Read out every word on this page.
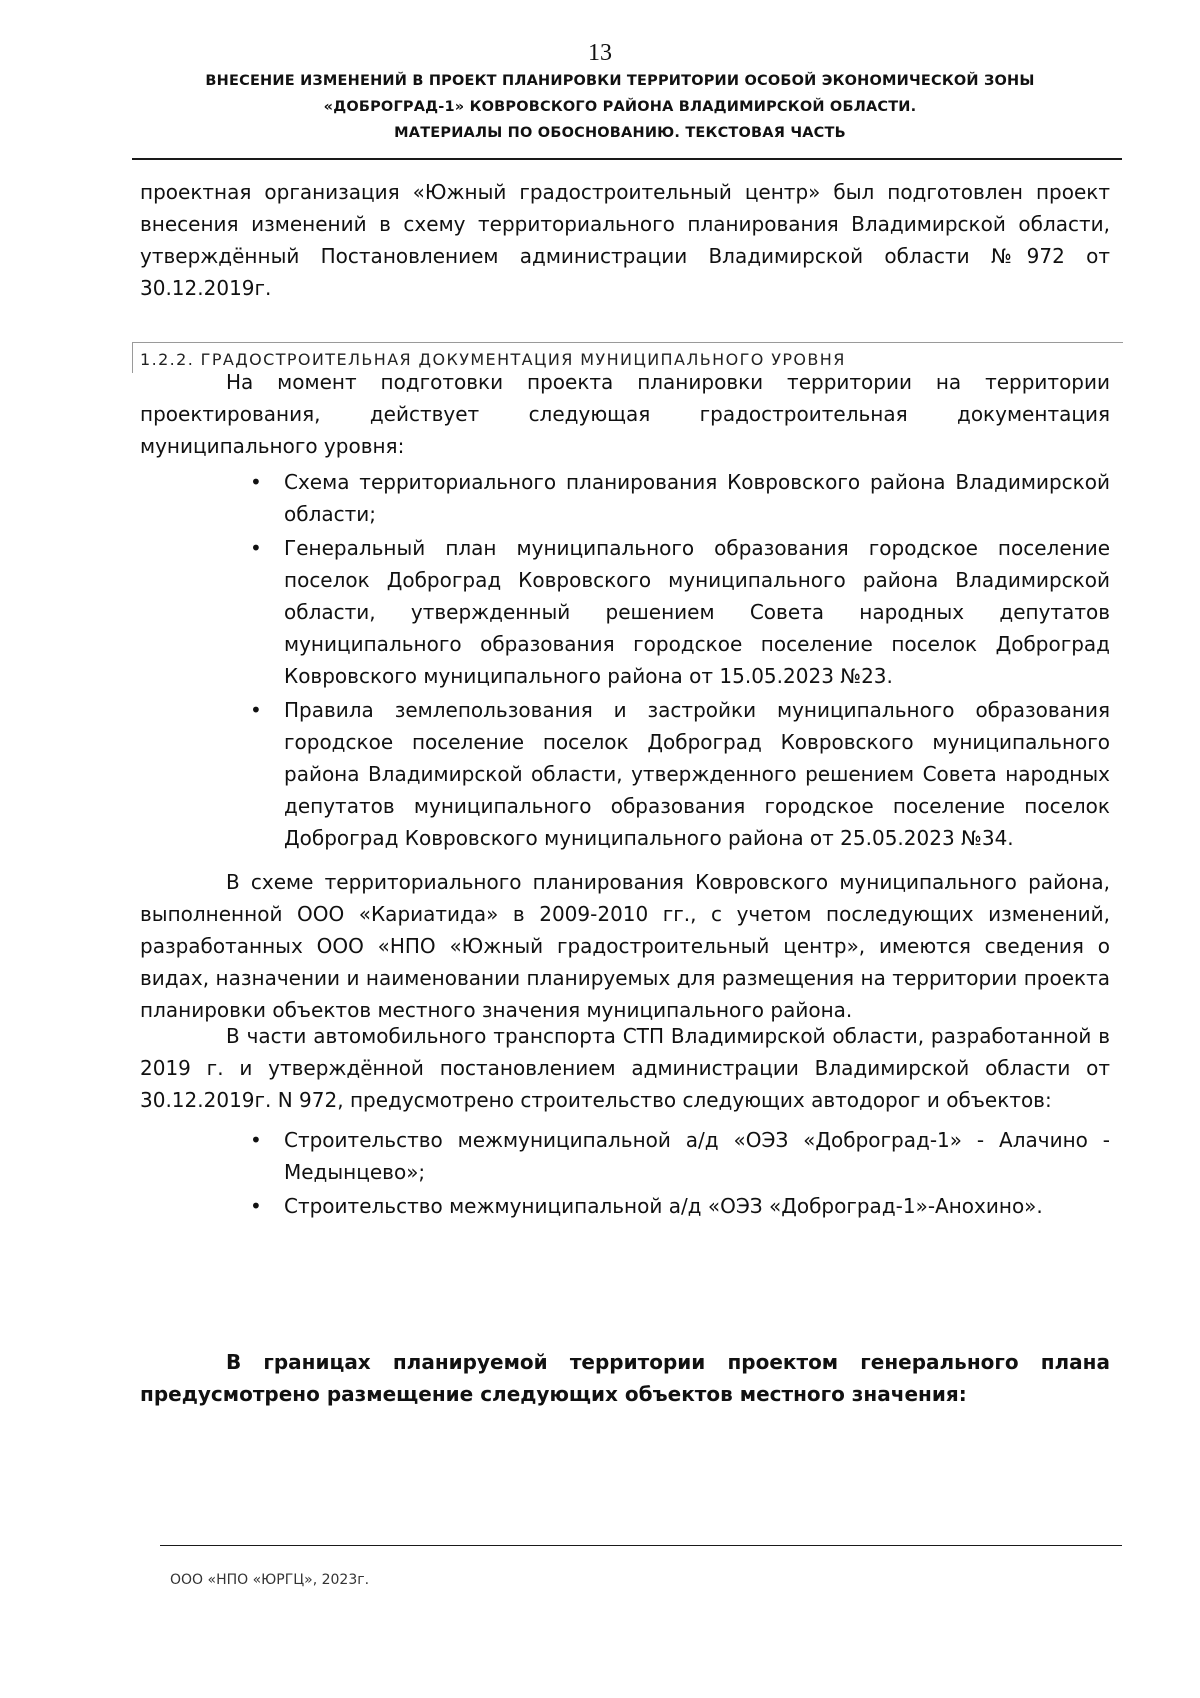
13
ВНЕСЕНИЕ ИЗМЕНЕНИЙ В ПРОЕКТ ПЛАНИРОВКИ ТЕРРИТОРИИ ОСОБОЙ ЭКОНОМИЧЕСКОЙ ЗОНЫ
«ДОБРОГРАД-1» КОВРОВСКОГО РАЙОНА ВЛАДИМИРСКОЙ ОБЛАСТИ.
МАТЕРИАЛЫ ПО ОБОСНОВАНИЮ. ТЕКСТОВАЯ ЧАСТЬ
проектная организация «Южный градостроительный центр» был подготовлен проект внесения изменений в схему территориального планирования Владимирской области, утверждённый Постановлением администрации Владимирской области №972 от 30.12.2019г.
1.2.2. ГРАДОСТРОИТЕЛЬНАЯ ДОКУМЕНТАЦИЯ МУНИЦИПАЛЬНОГО УРОВНЯ
На момент подготовки проекта планировки территории на территории проектирования, действует следующая градостроительная документация муниципального уровня:
•	Схема территориального планирования Ковровского района Владимирской области;
•	Генеральный план муниципального образования городское поселение поселок Доброград Ковровского муниципального района Владимирской области, утвержденный решением Совета народных депутатов муниципального образования городское поселение поселок Доброград Ковровского муниципального района от 15.05.2023 №23.
•	Правила землепользования и застройки муниципального образования городское поселение поселок Доброград Ковровского муниципального района Владимирской области, утвержденного решением Совета народных депутатов муниципального образования городское поселение поселок Доброград Ковровского муниципального района от 25.05.2023 №34.
В схеме территориального планирования Ковровского муниципального района, выполненной ООО «Кариатида» в 2009-2010 гг., с учетом последующих изменений, разработанных ООО «НПО «Южный градостроительный центр», имеются сведения о видах, назначении и наименовании планируемых для размещения на территории проекта планировки объектов местного значения муниципального района.
В части автомобильного транспорта СТП Владимирской области, разработанной в 2019 г. и утверждённой постановлением администрации Владимирской области от 30.12.2019г. N 972, предусмотрено строительство следующих автодорог и объектов:
•	Строительство межмуниципальной а/д «ОЭЗ «Доброград-1» - Алачино - Медынцево»;
•	Строительство межмуниципальной а/д «ОЭЗ «Доброград-1»-Анохино».
В границах планируемой территории проектом генерального плана предусмотрено размещение следующих объектов местного значения:
ООО «НПО «ЮРГЦ», 2023г.
